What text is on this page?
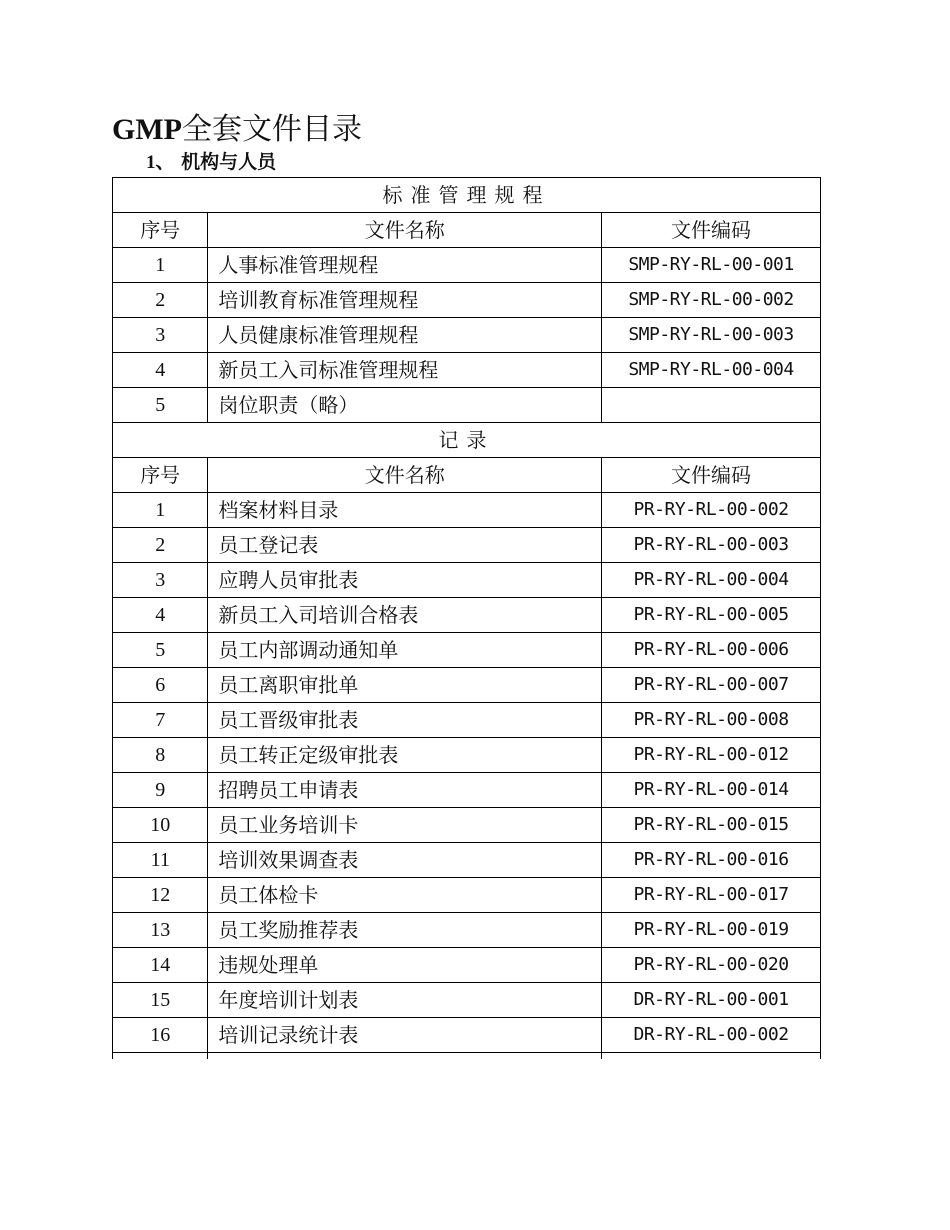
GMP全套文件目录
1、 机构与人员
标准管理规程		
序号	文件名称	文件编码
1	人事标准管理规程	SMP-RY-RL-00-001
2	培训教育标准管理规程	SMP-RY-RL-00-002
3	人员健康标准管理规程	SMP-RY-RL-00-003
4	新员工入司标准管理规程	SMP-RY-RL-00-004
5	岗位职责（略）	
记录		
序号	文件名称	文件编码
1	档案材料目录	PR-RY-RL-00-002
2	员工登记表	PR-RY-RL-00-003
3	应聘人员审批表	PR-RY-RL-00-004
4	新员工入司培训合格表	PR-RY-RL-00-005
5	员工内部调动通知单	PR-RY-RL-00-006
6	员工离职审批单	PR-RY-RL-00-007
7	员工晋级审批表	PR-RY-RL-00-008
8	员工转正定级审批表	PR-RY-RL-00-012
9	招聘员工申请表	PR-RY-RL-00-014
10	员工业务培训卡	PR-RY-RL-00-015
11	培训效果调查表	PR-RY-RL-00-016
12	员工体检卡	PR-RY-RL-00-017
13	员工奖励推荐表	PR-RY-RL-00-019
14	违规处理单	PR-RY-RL-00-020
15	年度培训计划表	DR-RY-RL-00-001
16	培训记录统计表	DR-RY-RL-00-002
